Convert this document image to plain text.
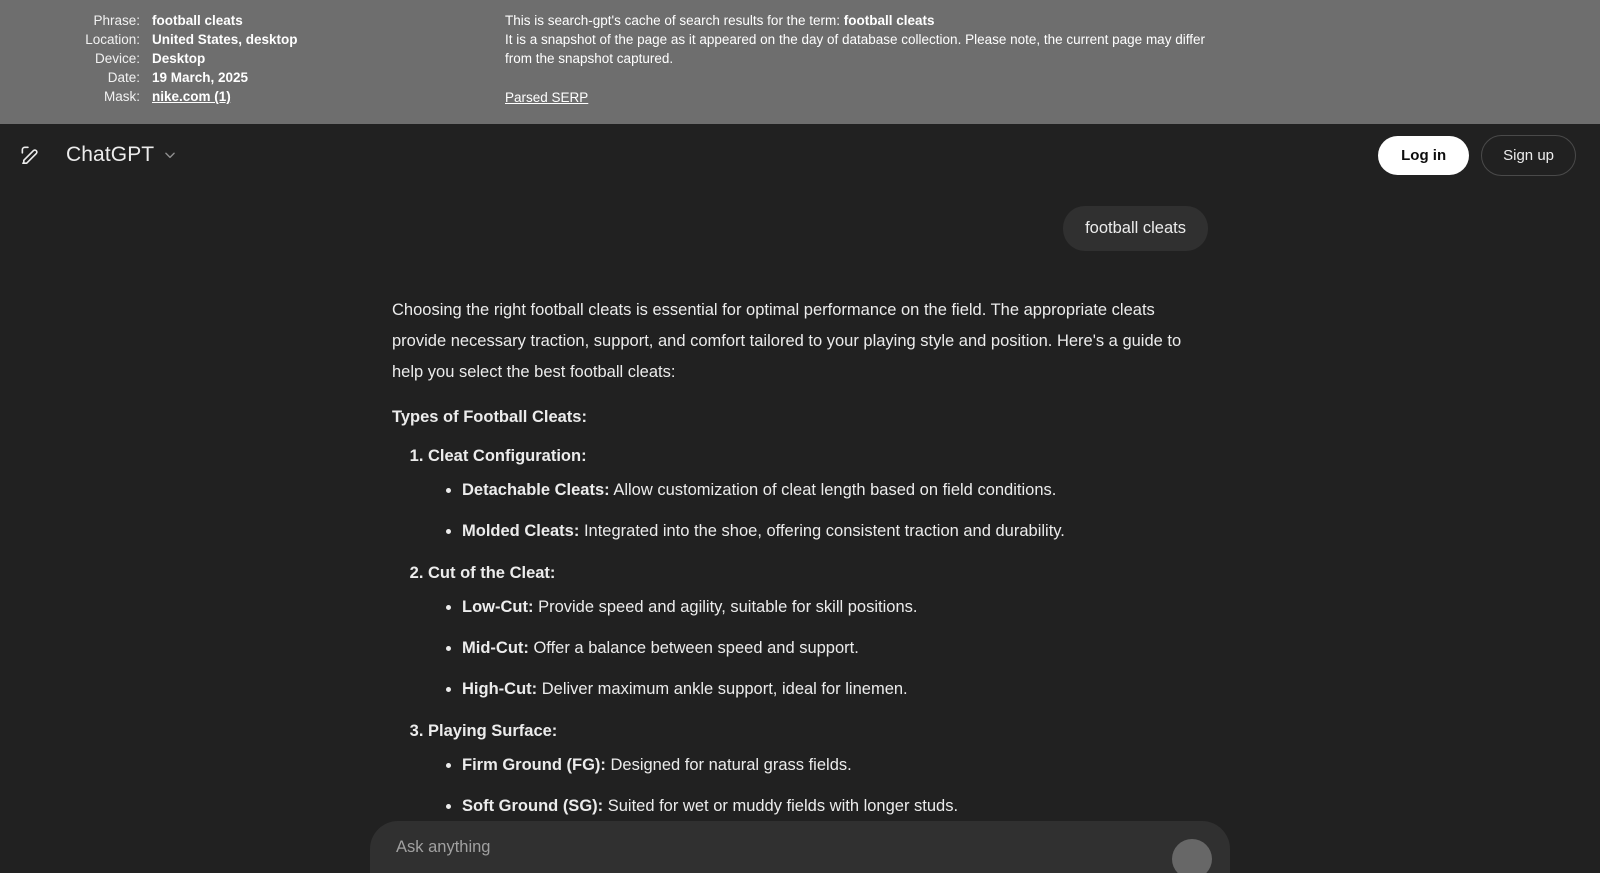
Phrase: football cleats
Location: United States, desktop
Device: Desktop
Date: 19 March, 2025
Mask: nike.com (1)

This is search-gpt's cache of search results for the term: football cleats

It is a snapshot of the page as it appeared on the day of database collection. Please note, the current page may differ from the snapshot captured.

Parsed SERP
ChatGPT	Log in	Sign up
football cleats

Choosing the right football cleats is essential for optimal performance on the field. The appropriate cleats provide necessary traction, support, and comfort tailored to your playing style and position. Here's a guide to help you select the best football cleats:

Types of Football Cleats:
1. Cleat Configuration:
• Detachable Cleats: Allow customization of cleat length based on field conditions.
• Molded Cleats: Integrated into the shoe, offering consistent traction and durability.
2. Cut of the Cleat:
• Low-Cut: Provide speed and agility, suitable for skill positions.
• Mid-Cut: Offer a balance between speed and support.
• High-Cut: Deliver maximum ankle support, ideal for linemen.
3. Playing Surface:
• Firm Ground (FG): Designed for natural grass fields.
• Soft Ground (SG): Suited for wet or muddy fields with longer studs.
•
Ask anything
